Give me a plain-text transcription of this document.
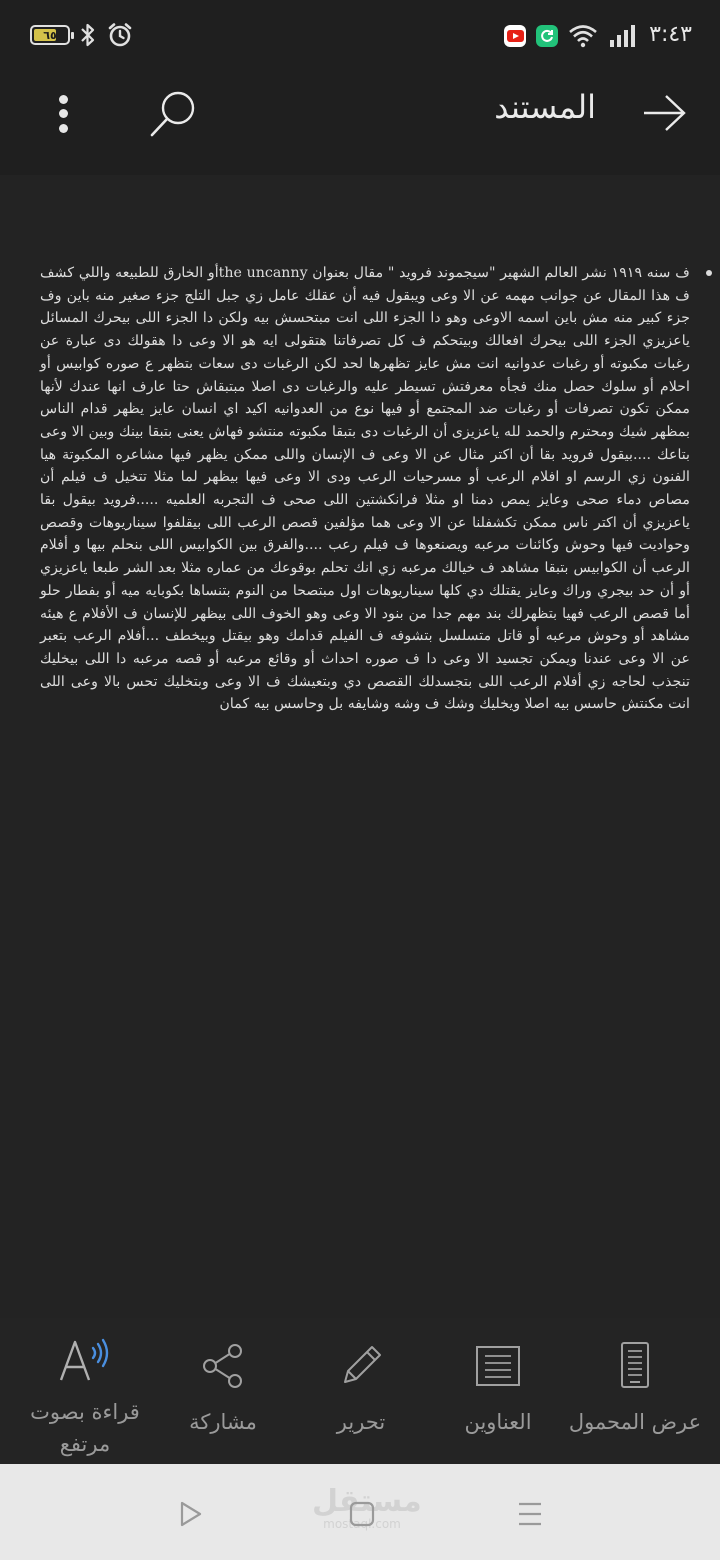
٦٥	٣:٤٣
المستند

ف سنه ١٩١٩ نشر العالم الشهير "سيجموند فرويد " مقال بعنوان the uncannyأو الخارق للطبيعه واللي كشف ف هذا المقال عن جوانب مهمه عن الا وعى ويبقول فيه أن عقلك عامل زي جبل التلج جزء صغير منه باين وف جزء كبير منه مش باين اسمه الاوعى وهو دا الجزء اللى انت مبتحسش بيه ولكن دا الجزء اللى بيحرك المسائل ياعزيزي الجزء اللى بيحرك افعالك وبيتحكم ف كل تصرفاتنا هتقولى ايه هو الا وعى دا هقولك دى عبارة عن رغبات مكبوته أو رغبات عدوانيه انت مش عايز تظهرها لحد لكن الرغبات دى سعات بتظهر ع صوره كوابيس أو احلام أو سلوك حصل منك فجأه معرفتش تسيطر عليه والرغبات دى اصلا مبتبقاش حتا عارف انها عندك لأنها ممكن تكون تصرفات أو رغبات ضد المجتمع أو فيها نوع من العدوانيه اكيد اي انسان عايز يظهر قدام الناس بمظهر شيك ومحترم والحمد لله ياعزيزى أن الرغبات دى بتبقا مكبوته منتشو فهاش يعنى بتبقا بينك وبين الا وعى بتاعك ....بيقول فرويد بقا أن اكتر مثال عن الا وعى ف الإنسان واللى ممكن يظهر فيها مشاعره المكبوتة هيا الفنون زي الرسم او افلام الرعب أو مسرحيات الرعب ودى الا وعى فيها بيظهر لما مثلا تتخيل ف فيلم أن مصاص دماء صحى وعايز يمص دمنا او مثلا فرانكشتين اللى صحى ف التجربه العلميه .....فرويد بيقول بقا ياعزيزي أن اكتر ناس ممكن تكشفلنا عن الا وعى هما مؤلفين قصص الرعب اللى بيقلفوا سيناريوهات وقصص وحواديت فيها وحوش وكائنات مرعبه ويصنعوها ف فيلم رعب ....والفرق بين الكوابيس اللى بنحلم بيها و أفلام الرعب أن الكوابيس بتبقا مشاهد ف خيالك مرعبه زي انك تحلم بوقوعك من عماره مثلا بعد الشر طبعا ياعزيزي أو أن حد بيجري وراك وعايز يقتلك دي كلها سيناريوهات اول مبتصحا من النوم بتنساها بكوبايه ميه أو بفطار حلو أما قصص الرعب فهيا بتظهرلك بند مهم جدا من بنود الا وعى وهو الخوف اللى بيظهر للإنسان ف الأفلام ع هيئه مشاهد أو وحوش مرعبه أو قاتل متسلسل بتشوفه ف الفيلم قدامك وهو بيقتل وبيخطف ...أفلام الرعب بتعبر عن الا وعى عندنا ويمكن تجسيد الا وعى دا ف صوره احداث أو وقائع مرعبه أو قصه مرعبه دا اللى بيخليك تنجذب لحاجه زي أفلام الرعب اللى بتجسدلك القصص دي وبتعيشك ف الا وعى وبتخليك تحس بالا وعى اللى انت مكنتش حاسس بيه اصلا ويخليك وشك ف وشه وشايفه بل وحاسس بيه كمان

عرض المحمول
العناوين
تحرير
مشاركة
قراءة بصوت مرتفع
مستقل
mostaql.com
